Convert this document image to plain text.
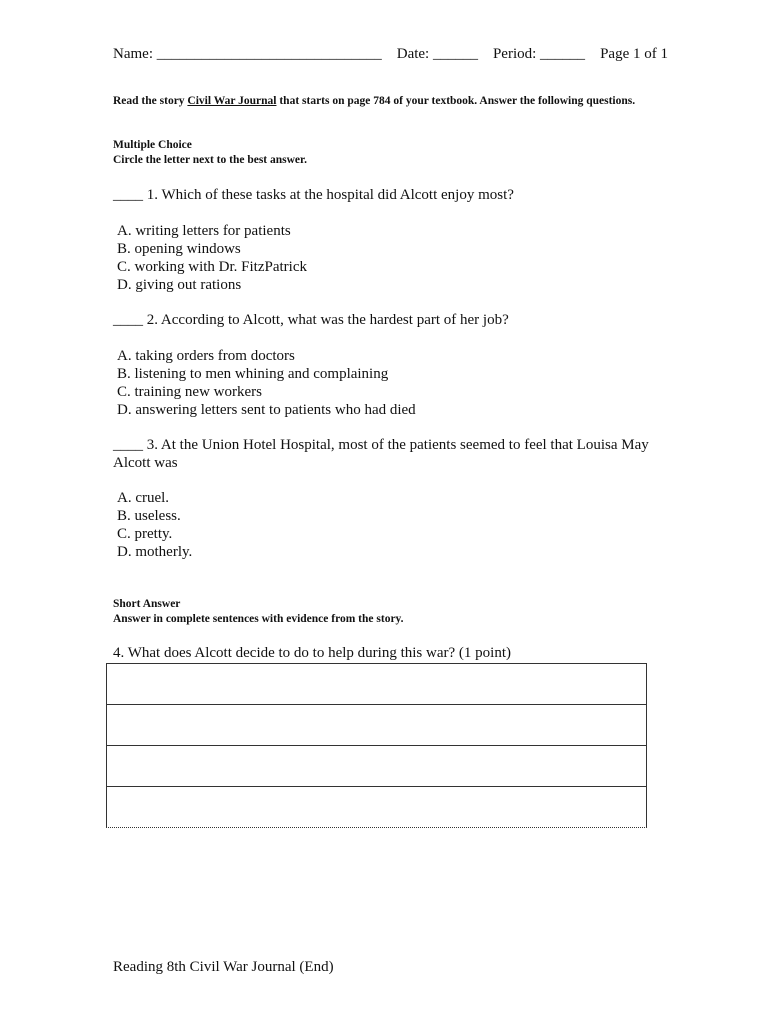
Name: ______________________________ Date: ______ Period: ______ Page 1 of 1
Read the story Civil War Journal that starts on page 784 of your textbook. Answer the following questions.
Multiple Choice
Circle the letter next to the best answer.
____ 1. Which of these tasks at the hospital did Alcott enjoy most?
A. writing letters for patients
B. opening windows
C. working with Dr. FitzPatrick
D. giving out rations
____ 2. According to Alcott, what was the hardest part of her job?
A. taking orders from doctors
B. listening to men whining and complaining
C. training new workers
D. answering letters sent to patients who had died
____ 3. At the Union Hotel Hospital, most of the patients seemed to feel that Louisa May Alcott was
A. cruel.
B. useless.
C. pretty.
D. motherly.
Short Answer
Answer in complete sentences with evidence from the story.
4. What does Alcott decide to do to help during this war? (1 point)
Reading 8th Civil War Journal (End)
